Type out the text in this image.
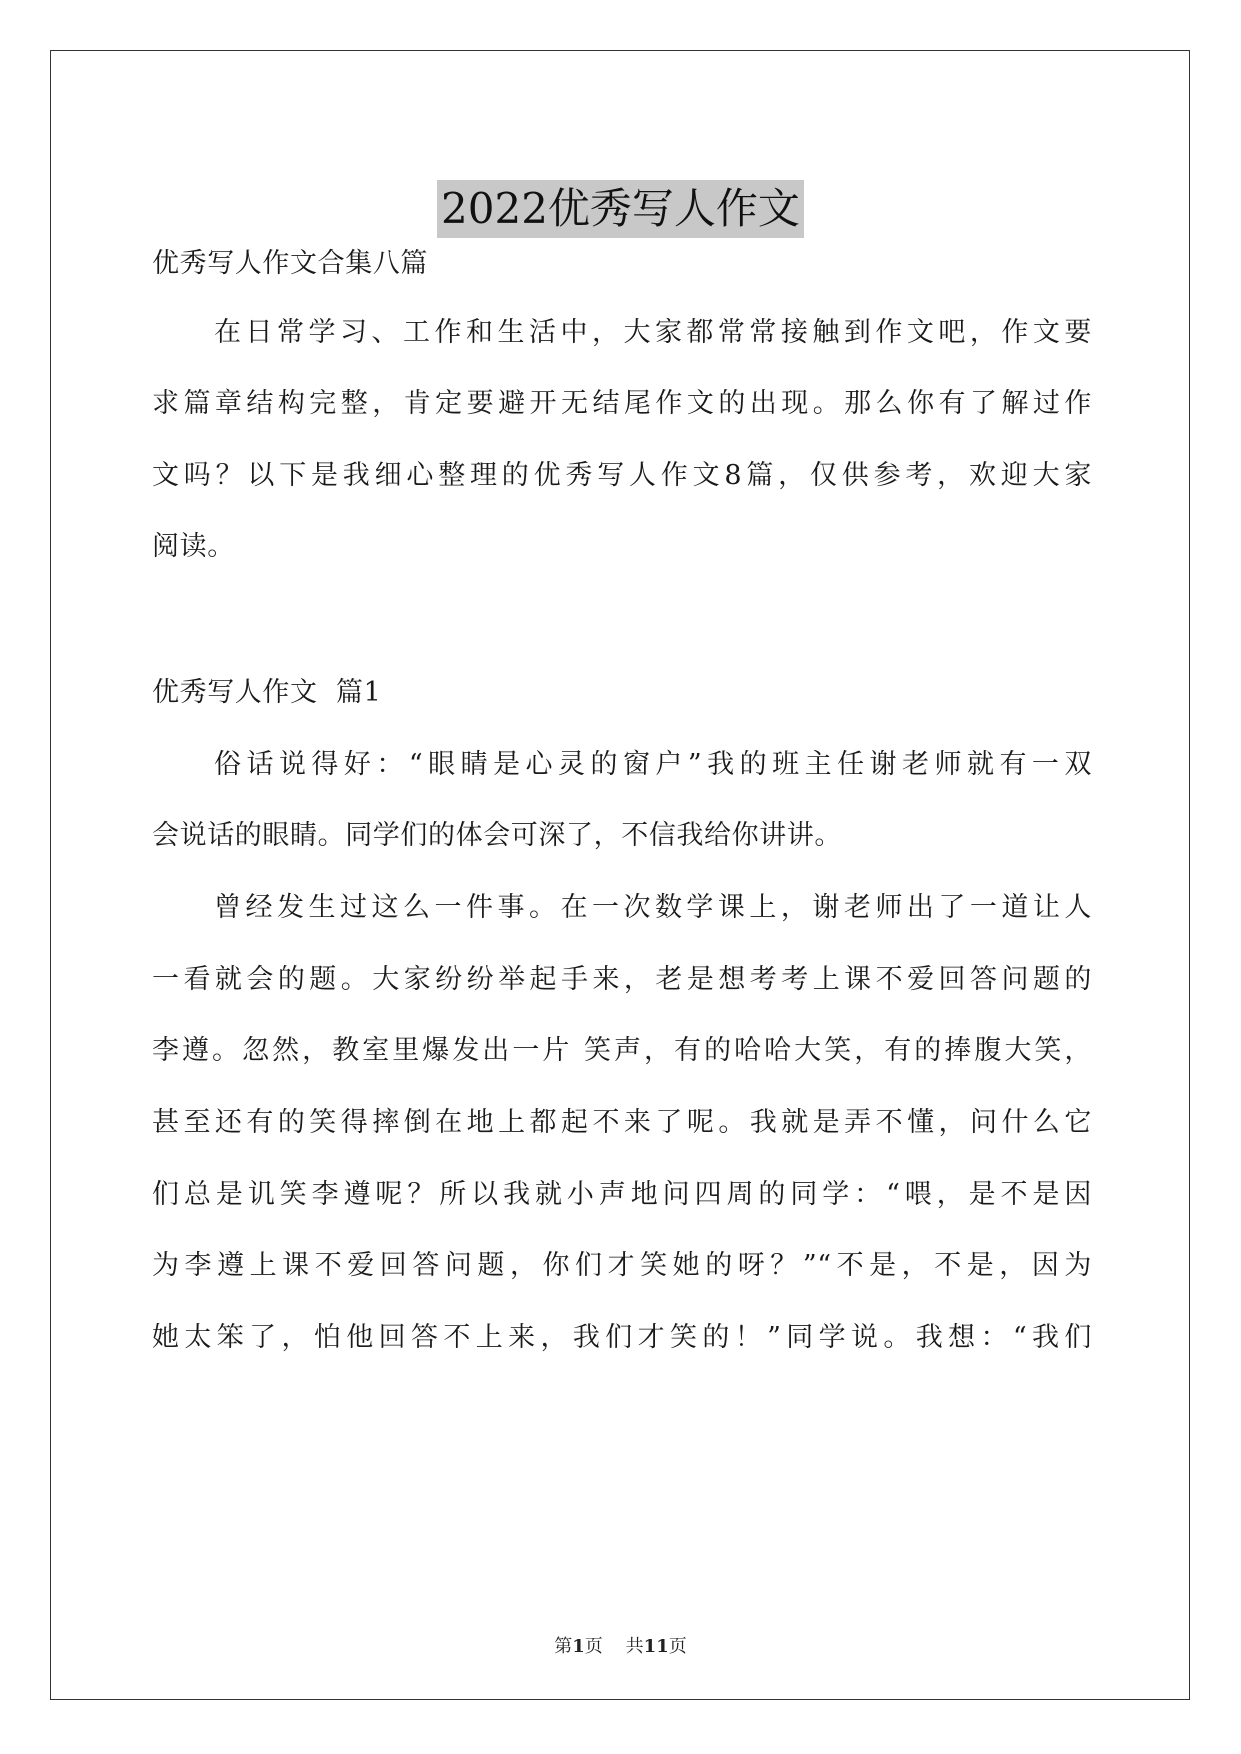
2022优秀写人作文
优秀写人作文合集八篇
在日常学习、工作和生活中，大家都常常接触到作文吧，作文要
求篇章结构完整，肯定要避开无结尾作文的出现。那么你有了解过作
文吗？以下是我细心整理的优秀写人作文8篇，仅供参考，欢迎大家
阅读。
优秀写人作文  篇1
俗话说得好：“眼睛是心灵的窗户”我的班主任谢老师就有一双
会说话的眼睛。同学们的体会可深了，不信我给你讲讲。
曾经发生过这么一件事。在一次数学课上，谢老师出了一道让人
一看就会的题。大家纷纷举起手来，老是想考考上课不爱回答问题的
李遵。忽然，教室里爆发出一片 笑声，有的哈哈大笑，有的捧腹大笑，
甚至还有的笑得摔倒在地上都起不来了呢。我就是弄不懂，问什么它
们总是讥笑李遵呢？所以我就小声地问四周的同学：“喂，是不是因
为李遵上课不爱回答问题，你们才笑她的呀？”“不是，不是，因为
她太笨了，怕他回答不上来，我们才笑的！”同学说。我想：“我们
第1页 共11页
